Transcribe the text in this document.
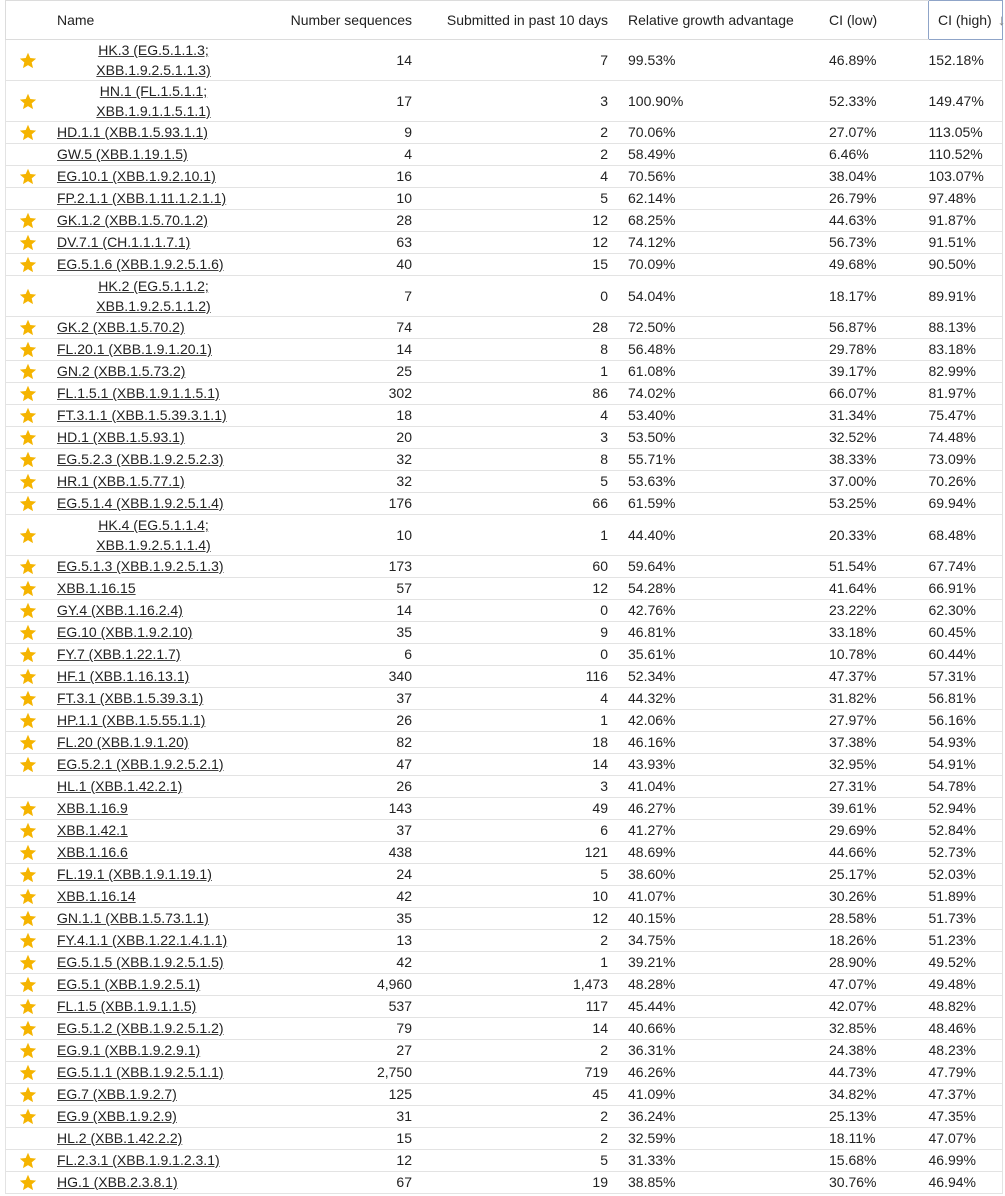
	Name	Number sequences	Submitted in past 10 days	Relative growth advantage	CI (low)	CI (high) ↓

	HK.3 (EG.5.1.1.3;
XBB.1.9.2.5.1.1.3)	14	7	99.53%	46.89%	152.18%

	HN.1 (FL.1.5.1.1;
XBB.1.9.1.1.5.1.1)	17	3	100.90%	52.33%	149.47%

	HD.1.1 (XBB.1.5.93.1.1)	9	2	70.06%	27.07%	113.05%
	GW.5 (XBB.1.19.1.5)	4	2	58.49%	6.46%	110.52%

	EG.10.1 (XBB.1.9.2.10.1)	16	4	70.56%	38.04%	103.07%
	FP.2.1.1 (XBB.1.11.1.2.1.1)	10	5	62.14%	26.79%	97.48%

	GK.1.2 (XBB.1.5.70.1.2)	28	12	68.25%	44.63%	91.87%

	DV.7.1 (CH.1.1.1.7.1)	63	12	74.12%	56.73%	91.51%

	EG.5.1.6 (XBB.1.9.2.5.1.6)	40	15	70.09%	49.68%	90.50%

	HK.2 (EG.5.1.1.2;
XBB.1.9.2.5.1.1.2)	7	0	54.04%	18.17%	89.91%

	GK.2 (XBB.1.5.70.2)	74	28	72.50%	56.87%	88.13%

	FL.20.1 (XBB.1.9.1.20.1)	14	8	56.48%	29.78%	83.18%

	GN.2 (XBB.1.5.73.2)	25	1	61.08%	39.17%	82.99%

	FL.1.5.1 (XBB.1.9.1.1.5.1)	302	86	74.02%	66.07%	81.97%

	FT.3.1.1 (XBB.1.5.39.3.1.1)	18	4	53.40%	31.34%	75.47%

	HD.1 (XBB.1.5.93.1)	20	3	53.50%	32.52%	74.48%

	EG.5.2.3 (XBB.1.9.2.5.2.3)	32	8	55.71%	38.33%	73.09%

	HR.1 (XBB.1.5.77.1)	32	5	53.63%	37.00%	70.26%

	EG.5.1.4 (XBB.1.9.2.5.1.4)	176	66	61.59%	53.25%	69.94%

	HK.4 (EG.5.1.1.4;
XBB.1.9.2.5.1.1.4)	10	1	44.40%	20.33%	68.48%

	EG.5.1.3 (XBB.1.9.2.5.1.3)	173	60	59.64%	51.54%	67.74%

	XBB.1.16.15	57	12	54.28%	41.64%	66.91%

	GY.4 (XBB.1.16.2.4)	14	0	42.76%	23.22%	62.30%

	EG.10 (XBB.1.9.2.10)	35	9	46.81%	33.18%	60.45%

	FY.7 (XBB.1.22.1.7)	6	0	35.61%	10.78%	60.44%

	HF.1 (XBB.1.16.13.1)	340	116	52.34%	47.37%	57.31%

	FT.3.1 (XBB.1.5.39.3.1)	37	4	44.32%	31.82%	56.81%

	HP.1.1 (XBB.1.5.55.1.1)	26	1	42.06%	27.97%	56.16%

	FL.20 (XBB.1.9.1.20)	82	18	46.16%	37.38%	54.93%

	EG.5.2.1 (XBB.1.9.2.5.2.1)	47	14	43.93%	32.95%	54.91%
	HL.1 (XBB.1.42.2.1)	26	3	41.04%	27.31%	54.78%

	XBB.1.16.9	143	49	46.27%	39.61%	52.94%

	XBB.1.42.1	37	6	41.27%	29.69%	52.84%

	XBB.1.16.6	438	121	48.69%	44.66%	52.73%

	FL.19.1 (XBB.1.9.1.19.1)	24	5	38.60%	25.17%	52.03%

	XBB.1.16.14	42	10	41.07%	30.26%	51.89%

	GN.1.1 (XBB.1.5.73.1.1)	35	12	40.15%	28.58%	51.73%

	FY.4.1.1 (XBB.1.22.1.4.1.1)	13	2	34.75%	18.26%	51.23%

	EG.5.1.5 (XBB.1.9.2.5.1.5)	42	1	39.21%	28.90%	49.52%

	EG.5.1 (XBB.1.9.2.5.1)	4,960	1,473	48.28%	47.07%	49.48%

	FL.1.5 (XBB.1.9.1.1.5)	537	117	45.44%	42.07%	48.82%

	EG.5.1.2 (XBB.1.9.2.5.1.2)	79	14	40.66%	32.85%	48.46%

	EG.9.1 (XBB.1.9.2.9.1)	27	2	36.31%	24.38%	48.23%

	EG.5.1.1 (XBB.1.9.2.5.1.1)	2,750	719	46.26%	44.73%	47.79%

	EG.7 (XBB.1.9.2.7)	125	45	41.09%	34.82%	47.37%

	EG.9 (XBB.1.9.2.9)	31	2	36.24%	25.13%	47.35%
	HL.2 (XBB.1.42.2.2)	15	2	32.59%	18.11%	47.07%

	FL.2.3.1 (XBB.1.9.1.2.3.1)	12	5	31.33%	15.68%	46.99%

	HG.1 (XBB.2.3.8.1)	67	19	38.85%	30.76%	46.94%
